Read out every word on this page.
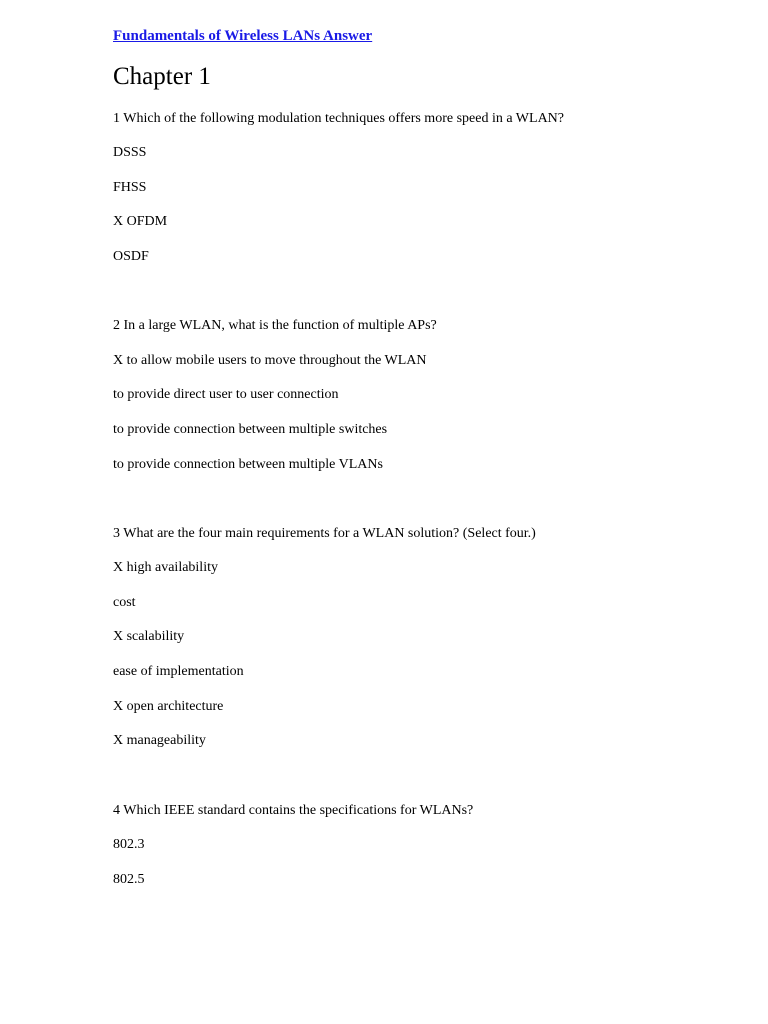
Fundamentals of Wireless LANs Answer
Chapter 1
1 Which of the following modulation techniques offers more speed in a WLAN?
DSSS
FHSS
X OFDM
OSDF
2 In a large WLAN, what is the function of multiple APs?
X to allow mobile users to move throughout the WLAN
to provide direct user to user connection
to provide connection between multiple switches
to provide connection between multiple VLANs
3 What are the four main requirements for a WLAN solution? (Select four.)
X high availability
cost
X scalability
ease of implementation
X open architecture
X manageability
4 Which IEEE standard contains the specifications for WLANs?
802.3
802.5
